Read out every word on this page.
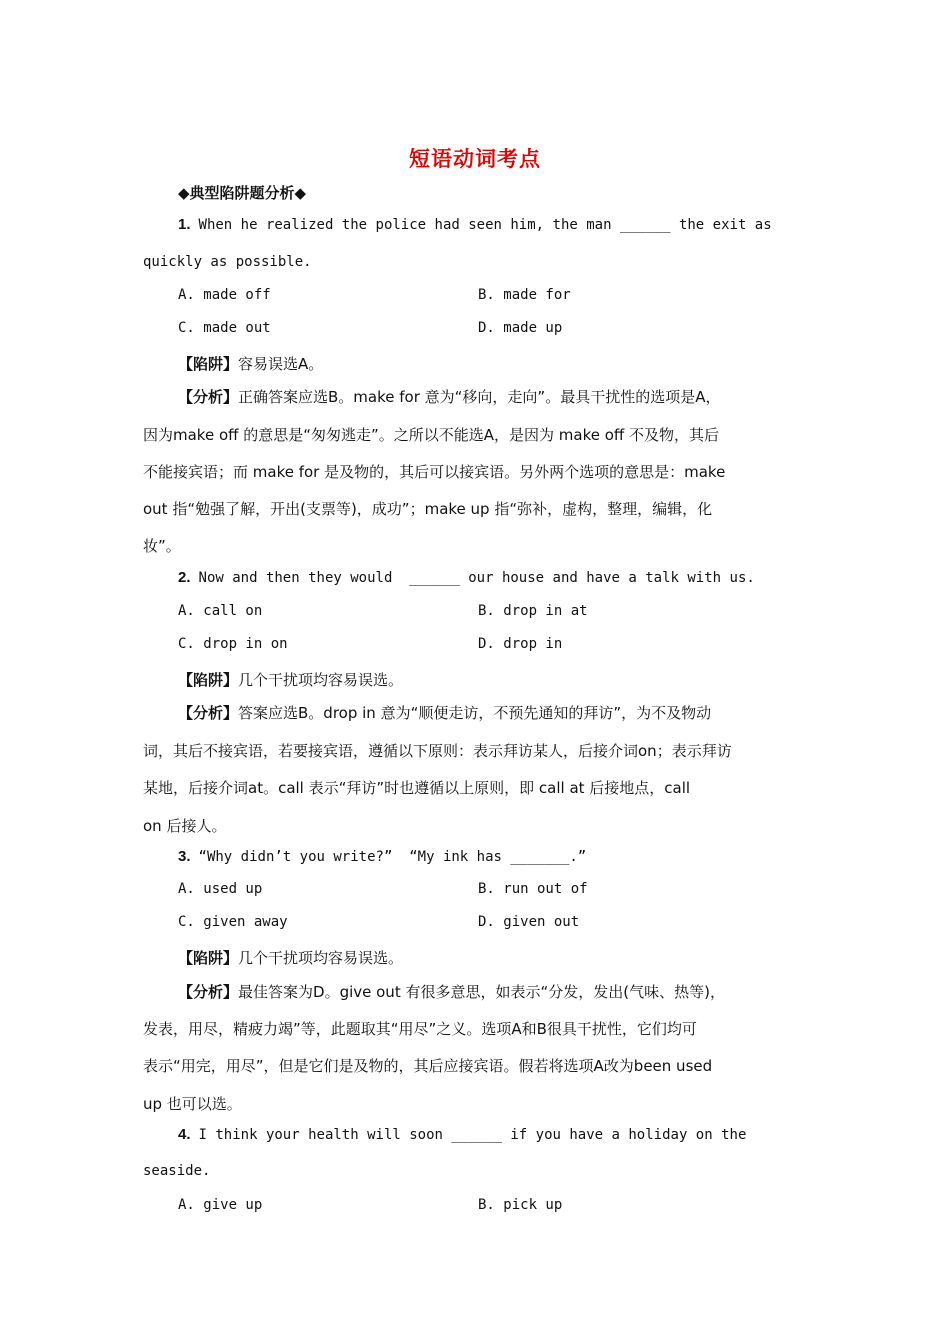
短语动词考点
◆典型陷阱题分析◆
1. When he realized the police had seen him, the man ______ the exit as
quickly as possible.
A. made off	B. made for
C. made out	D. made up
【陷阱】容易误选A。
【分析】正确答案应选B。make for 意为“移向，走向”。最具干扰性的选项是A，
因为make off 的意思是“匆匆逃走”。之所以不能选A，是因为 make off 不及物，其后
不能接宾语；而 make for 是及物的，其后可以接宾语。另外两个选项的意思是：make
out 指“勉强了解，开出(支票等)，成功”；make up 指“弥补，虚构，整理，编辑，化
妆”。
2. Now and then they would  ______ our house and have a talk with us.
A. call on	B. drop in at
C. drop in on	D. drop in
【陷阱】几个干扰项均容易误选。
【分析】答案应选B。drop in 意为“顺便走访，不预先通知的拜访”，为不及物动
词，其后不接宾语，若要接宾语，遵循以下原则：表示拜访某人，后接介词on；表示拜访
某地，后接介词at。call 表示“拜访”时也遵循以上原则，即 call at 后接地点，call
on 后接人。
3. “Why didn’t you write?”  “My ink has _______.”
A. used up	B. run out of
C. given away	D. given out
【陷阱】几个干扰项均容易误选。
【分析】最佳答案为D。give out 有很多意思，如表示“分发，发出(气味、热等)，
发表，用尽，精疲力竭”等，此题取其“用尽”之义。选项A和B很具干扰性，它们均可
表示“用完，用尽”，但是它们是及物的，其后应接宾语。假若将选项A改为been used
up 也可以选。
4. I think your health will soon ______ if you have a holiday on the
seaside.
A. give up	B. pick up
